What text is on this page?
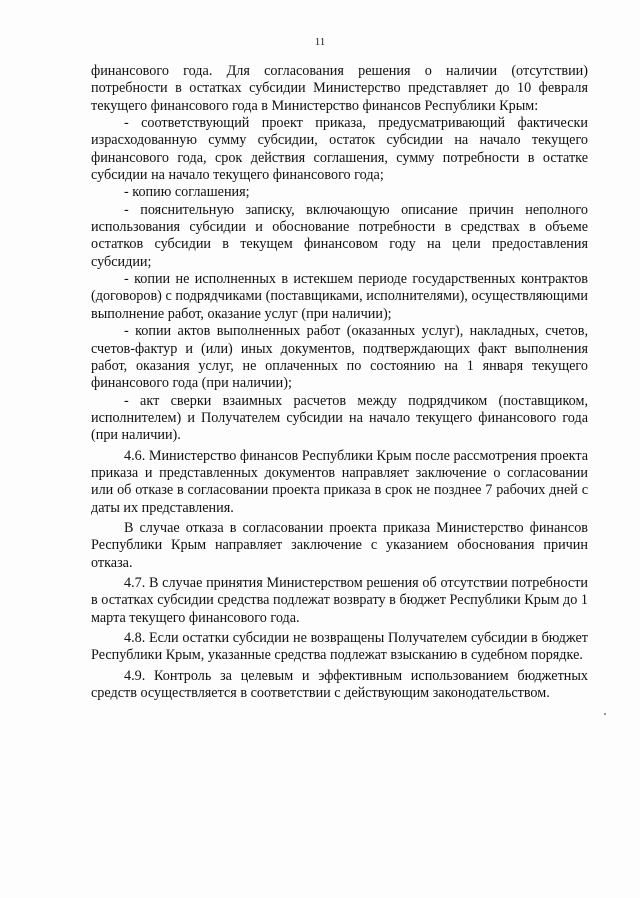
11

финансового года. Для согласования решения о наличии (отсутствии) потребности в остатках субсидии Министерство представляет до 10 февраля текущего финансового года в Министерство финансов Республики Крым:

- соответствующий проект приказа, предусматривающий фактически израсходованную сумму субсидии, остаток субсидии на начало текущего финансового года, срок действия соглашения, сумму потребности в остатке субсидии на начало текущего финансового года;

- копию соглашения;

- пояснительную записку, включающую описание причин неполного использования субсидии и обоснование потребности в средствах в объеме остатков субсидии в текущем финансовом году на цели предоставления субсидии;

- копии не исполненных в истекшем периоде государственных контрактов (договоров) с подрядчиками (поставщиками, исполнителями), осуществляющими выполнение работ, оказание услуг (при наличии);

- копии актов выполненных работ (оказанных услуг), накладных, счетов, счетов-фактур и (или) иных документов, подтверждающих факт выполнения работ, оказания услуг, не оплаченных по состоянию на 1 января текущего финансового года (при наличии);

- акт сверки взаимных расчетов между подрядчиком (поставщиком, исполнителем) и Получателем субсидии на начало текущего финансового года (при наличии).

4.6. Министерство финансов Республики Крым после рассмотрения проекта приказа и представленных документов направляет заключение о согласовании или об отказе в согласовании проекта приказа в срок не позднее 7 рабочих дней с даты их представления.

В случае отказа в согласовании проекта приказа Министерство финансов Республики Крым направляет заключение с указанием обоснования причин отказа.

4.7. В случае принятия Министерством решения об отсутствии потребности в остатках субсидии средства подлежат возврату в бюджет Республики Крым до 1 марта текущего финансового года.

4.8. Если остатки субсидии не возвращены Получателем субсидии в бюджет Республики Крым, указанные средства подлежат взысканию в судебном порядке.

4.9. Контроль за целевым и эффективным использованием бюджетных средств осуществляется в соответствии с действующим законодательством.
